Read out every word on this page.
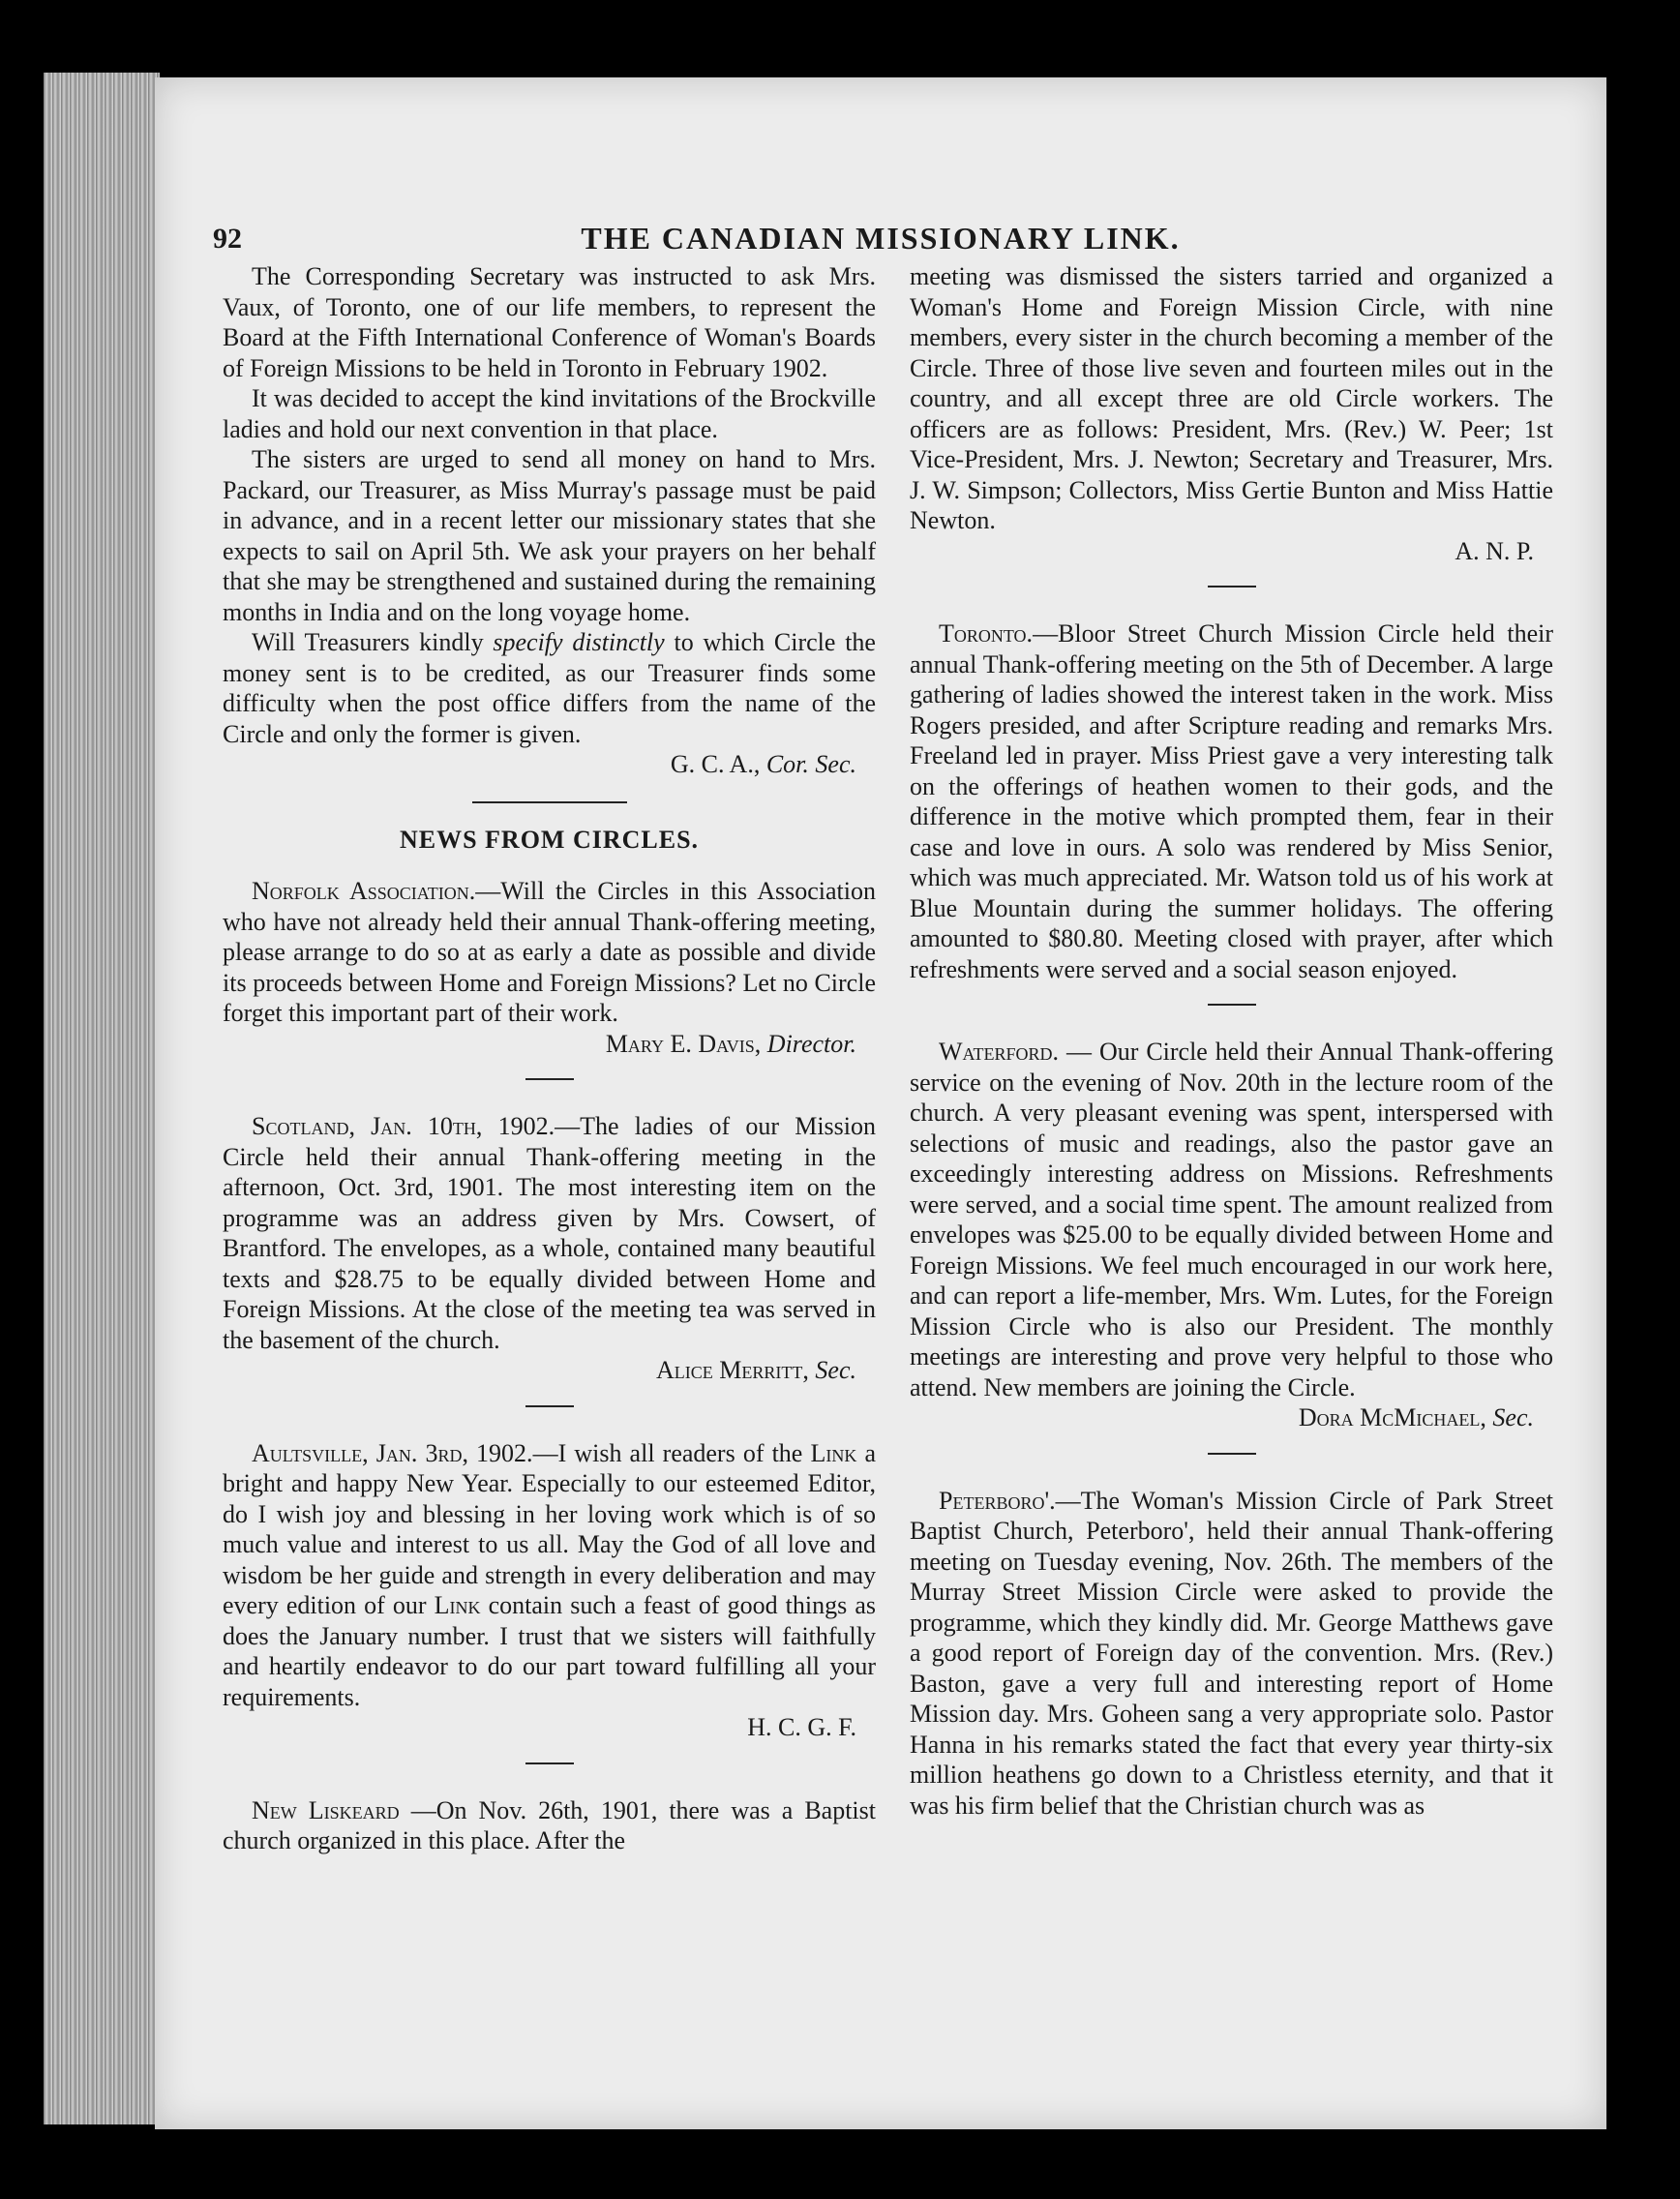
92	THE CANADIAN MISSIONARY LINK.

The Corresponding Secretary was instructed to ask Mrs. Vaux, of Toronto, one of our life members, to represent the Board at the Fifth International Conference of Woman's Boards of Foreign Missions to be held in Toronto in February 1902.

It was decided to accept the kind invitations of the Brockville ladies and hold our next convention in that place.

The sisters are urged to send all money on hand to Mrs. Packard, our Treasurer, as Miss Murray's passage must be paid in advance, and in a recent letter our missionary states that she expects to sail on April 5th. We ask your prayers on her behalf that she may be strengthened and sustained during the remaining months in India and on the long voyage home.

Will Treasurers kindly specify distinctly to which Circle the money sent is to be credited, as our Treasurer finds some difficulty when the post office differs from the name of the Circle and only the former is given.

G. C. A., Cor. Sec.

NEWS FROM CIRCLES.

Norfolk Association.—Will the Circles in this Association who have not already held their annual Thank-offering meeting, please arrange to do so at as early a date as possible and divide its proceeds between Home and Foreign Missions? Let no Circle forget this important part of their work.

Mary E. Davis, Director.

Scotland, Jan. 10th, 1902.—The ladies of our Mission Circle held their annual Thank-offering meeting in the afternoon, Oct. 3rd, 1901. The most interesting item on the programme was an address given by Mrs. Cowsert, of Brantford. The envelopes, as a whole, contained many beautiful texts and $28.75 to be equally divided between Home and Foreign Missions. At the close of the meeting tea was served in the basement of the church.

Alice Merritt, Sec.

Aultsville, Jan. 3rd, 1902.—I wish all readers of the Link a bright and happy New Year. Especially to our esteemed Editor, do I wish joy and blessing in her loving work which is of so much value and interest to us all. May the God of all love and wisdom be her guide and strength in every deliberation and may every edition of our Link contain such a feast of good things as does the January number. I trust that we sisters will faithfully and heartily endeavor to do our part toward fulfilling all your requirements.

H. C. G. F.

New Liskeard —On Nov. 26th, 1901, there was a Baptist church organized in this place. After the

meeting was dismissed the sisters tarried and organized a Woman's Home and Foreign Mission Circle, with nine members, every sister in the church becoming a member of the Circle. Three of those live seven and fourteen miles out in the country, and all except three are old Circle workers. The officers are as follows: President, Mrs. (Rev.) W. Peer; 1st Vice-President, Mrs. J. Newton; Secretary and Treasurer, Mrs. J. W. Simpson; Collectors, Miss Gertie Bunton and Miss Hattie Newton.

A. N. P.

Toronto.—Bloor Street Church Mission Circle held their annual Thank-offering meeting on the 5th of December. A large gathering of ladies showed the interest taken in the work. Miss Rogers presided, and after Scripture reading and remarks Mrs. Freeland led in prayer. Miss Priest gave a very interesting talk on the offerings of heathen women to their gods, and the difference in the motive which prompted them, fear in their case and love in ours. A solo was rendered by Miss Senior, which was much appreciated. Mr. Watson told us of his work at Blue Mountain during the summer holidays. The offering amounted to $80.80. Meeting closed with prayer, after which refreshments were served and a social season enjoyed.

Waterford. — Our Circle held their Annual Thank-offering service on the evening of Nov. 20th in the lecture room of the church. A very pleasant evening was spent, interspersed with selections of music and readings, also the pastor gave an exceedingly interesting address on Missions. Refreshments were served, and a social time spent. The amount realized from envelopes was $25.00 to be equally divided between Home and Foreign Missions. We feel much encouraged in our work here, and can report a life-member, Mrs. Wm. Lutes, for the Foreign Mission Circle who is also our President. The monthly meetings are interesting and prove very helpful to those who attend. New members are joining the Circle.

Dora McMichael, Sec.

Peterboro'.—The Woman's Mission Circle of Park Street Baptist Church, Peterboro', held their annual Thank-offering meeting on Tuesday evening, Nov. 26th. The members of the Murray Street Mission Circle were asked to provide the programme, which they kindly did. Mr. George Matthews gave a good report of Foreign day of the convention. Mrs. (Rev.) Baston, gave a very full and interesting report of Home Mission day. Mrs. Goheen sang a very appropriate solo. Pastor Hanna in his remarks stated the fact that every year thirty-six million heathens go down to a Christless eternity, and that it was his firm belief that the Christian church was as
